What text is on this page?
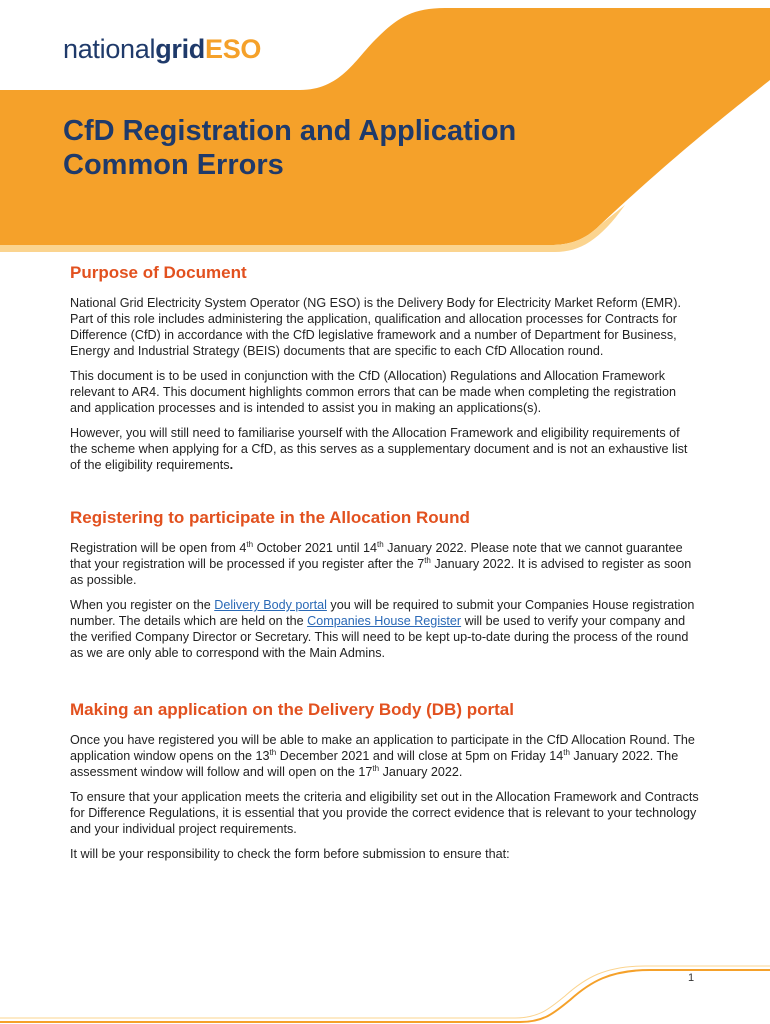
nationalgridESO
CfD Registration and Application
Common Errors
Purpose of Document

National Grid Electricity System Operator (NG ESO) is the Delivery Body for Electricity Market Reform (EMR). Part of this role includes administering the application, qualification and allocation processes for Contracts for Difference (CfD) in accordance with the CfD legislative framework and a number of Department for Business, Energy and Industrial Strategy (BEIS) documents that are specific to each CfD Allocation round.

This document is to be used in conjunction with the CfD (Allocation) Regulations and Allocation Framework relevant to AR4. This document highlights common errors that can be made when completing the registration and application processes and is intended to assist you in making an applications(s).

However, you will still need to familiarise yourself with the Allocation Framework and eligibility requirements of the scheme when applying for a CfD, as this serves as a supplementary document and is not an exhaustive list of the eligibility requirements.

Registering to participate in the Allocation Round

Registration will be open from 4th October 2021 until 14th January 2022. Please note that we cannot guarantee that your registration will be processed if you register after the 7th January 2022. It is advised to register as soon as possible.

When you register on the Delivery Body portal you will be required to submit your Companies House registration number. The details which are held on the Companies House Register will be used to verify your company and the verified Company Director or Secretary. This will need to be kept up-to-date during the process of the round as we are only able to correspond with the Main Admins.

Making an application on the Delivery Body (DB) portal

Once you have registered you will be able to make an application to participate in the CfD Allocation Round. The application window opens on the 13th December 2021 and will close at 5pm on Friday 14th January 2022. The assessment window will follow and will open on the 17th January 2022.

To ensure that your application meets the criteria and eligibility set out in the Allocation Framework and Contracts for Difference Regulations, it is essential that you provide the correct evidence that is relevant to your technology and your individual project requirements.

It will be your responsibility to check the form before submission to ensure that:

1
